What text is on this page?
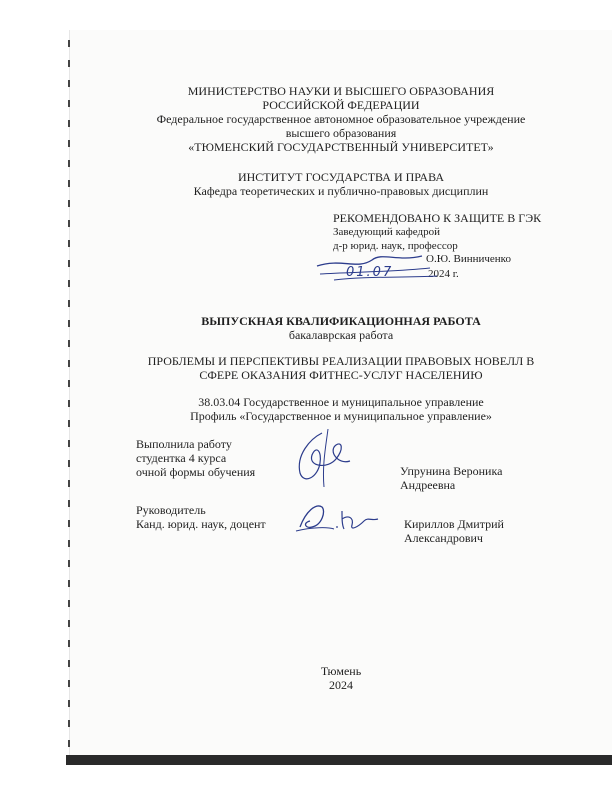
МИНИСТЕРСТВО НАУКИ И ВЫСШЕГО ОБРАЗОВАНИЯ
РОССИЙСКОЙ ФЕДЕРАЦИИ
Федеральное государственное автономное образовательное учреждение
высшего образования
«ТЮМЕНСКИЙ ГОСУДАРСТВЕННЫЙ УНИВЕРСИТЕТ»
ИНСТИТУТ ГОСУДАРСТВА И ПРАВА
Кафедра теоретических и публично-правовых дисциплин
РЕКОМЕНДОВАНО К ЗАЩИТЕ В ГЭК
Заведующий кафедрой
д-р юрид. наук, профессор
О.Ю. Винниченко
2024 г.
01.07
ВЫПУСКНАЯ КВАЛИФИКАЦИОННАЯ РАБОТА
бакалаврская работа
ПРОБЛЕМЫ И ПЕРСПЕКТИВЫ РЕАЛИЗАЦИИ ПРАВОВЫХ НОВЕЛЛ В
СФЕРЕ ОКАЗАНИЯ ФИТНЕС-УСЛУГ НАСЕЛЕНИЮ
38.03.04 Государственное и муниципальное управление
Профиль «Государственное и муниципальное управление»
Выполнила работу
студентка 4 курса
очной формы обучения	Упрунина Вероника
Андреевна
Руководитель
Канд. юрид. наук, доцент	Кириллов Дмитрий
Александрович
Тюмень
2024
